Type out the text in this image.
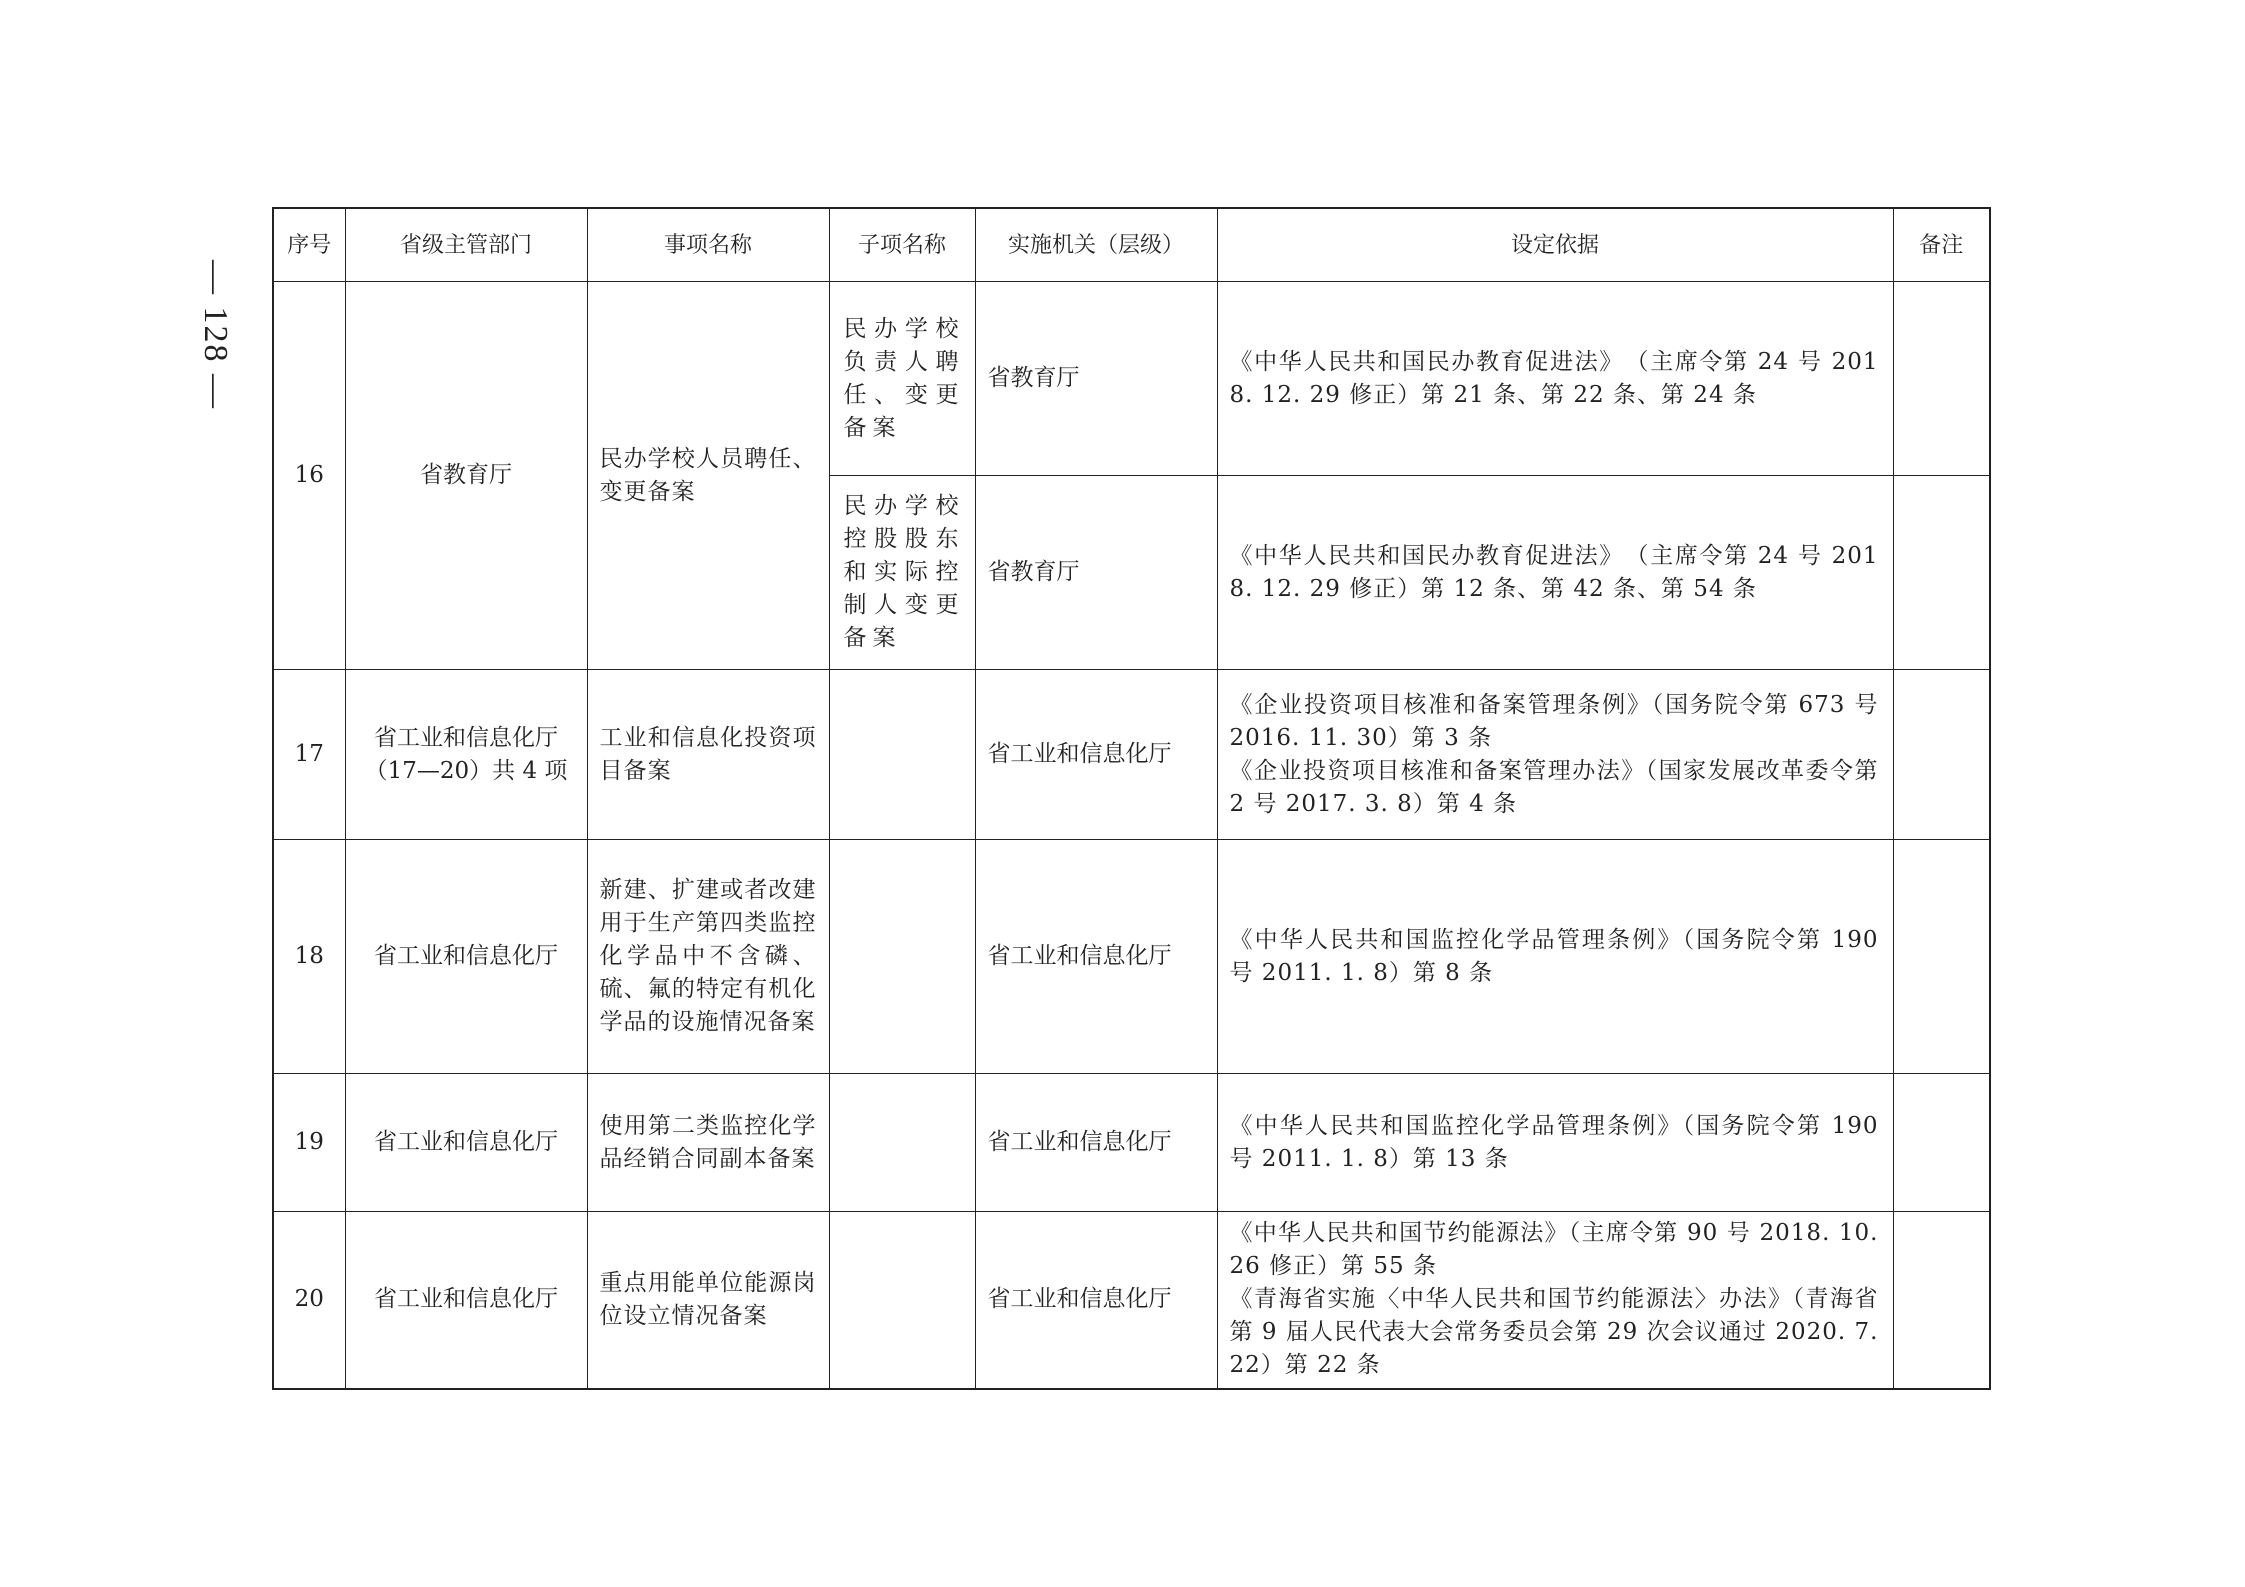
— 128 —
序号	省级主管部门	事项名称	子项名称	实施机关（层级）	设定依据	备注
16	省教育厅	民办学校人员聘任、变更备案	民办学校负责人聘任、变更备案	省教育厅	《中华人民共和国民办教育促进法》　（主席令第 24 号 2018. 12. 29 修正）第 21 条、第 22 条、第 24 条	
			民办学校控股股东和实际控制人变更备案	省教育厅	《中华人民共和国民办教育促进法》　（主席令第 24 号 2018. 12. 29 修正）第 12 条、第 42 条、第 54 条	
17	省工业和信息化厅（17—20）共 4 项	工业和信息化投资项目备案		省工业和信息化厅	《企业投资项目核准和备案管理条例》（国务院令第 673 号 2016. 11. 30）第 3 条
《企业投资项目核准和备案管理办法》（国家发展改革委令第 2 号 2017. 3. 8）第 4 条	

18	省工业和信息化厅	新建、扩建或者改建用于生产第四类监控化学品中不含磷、硫、氟的特定有机化学品的设施情况备案		省工业和信息化厅	《中华人民共和国监控化学品管理条例》（国务院令第 190 号 2011. 1. 8）第 8 条	
19	省工业和信息化厅	使用第二类监控化学品经销合同副本备案		省工业和信息化厅	《中华人民共和国监控化学品管理条例》（国务院令第 190 号 2011. 1. 8）第 13 条	
20	省工业和信息化厅	重点用能单位能源岗位设立情况备案		省工业和信息化厅	《中华人民共和国节约能源法》（主席令第 90 号 2018. 10. 26 修正）第 55 条
《青海省实施〈中华人民共和国节约能源法〉办法》（青海省第 9 届人民代表大会常务委员会第 29 次会议通过 2020. 7. 22）第 22 条	
